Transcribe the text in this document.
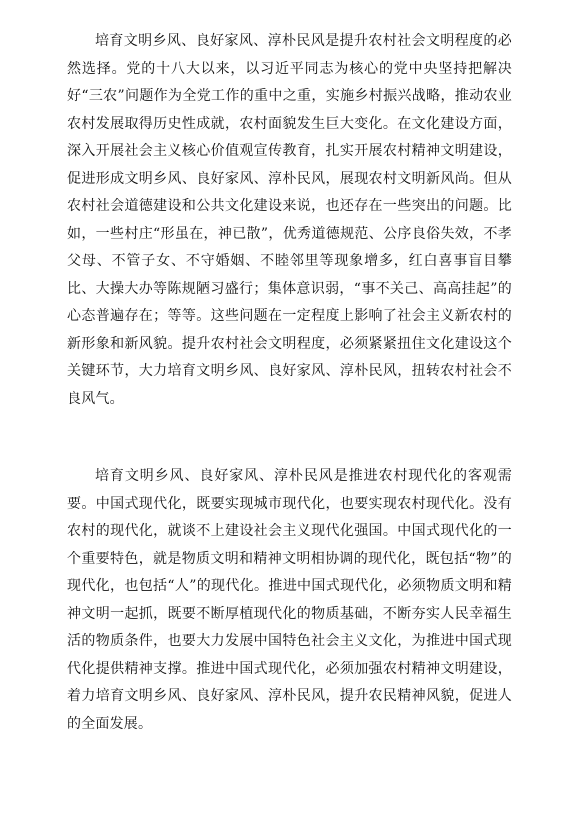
培育文明乡风、良好家风、淳朴民风是提升农村社会文明程度的必然选择。党的十八大以来，以习近平同志为核心的党中央坚持把解决好“三农”问题作为全党工作的重中之重，实施乡村振兴战略，推动农业农村发展取得历史性成就，农村面貌发生巨大变化。在文化建设方面，深入开展社会主义核心价值观宣传教育，扎实开展农村精神文明建设，促进形成文明乡风、良好家风、淳朴民风，展现农村文明新风尚。但从农村社会道德建设和公共文化建设来说，也还存在一些突出的问题。比如，一些村庄“形虽在，神已散”，优秀道德规范、公序良俗失效，不孝父母、不管子女、不守婚姻、不睦邻里等现象增多，红白喜事盲目攀比、大操大办等陈规陋习盛行；集体意识弱，“事不关己、高高挂起”的心态普遍存在；等等。这些问题在一定程度上影响了社会主义新农村的新形象和新风貌。提升农村社会文明程度，必须紧紧扭住文化建设这个关键环节，大力培育文明乡风、良好家风、淳朴民风，扭转农村社会不良风气。

培育文明乡风、良好家风、淳朴民风是推进农村现代化的客观需要。中国式现代化，既要实现城市现代化，也要实现农村现代化。没有农村的现代化，就谈不上建设社会主义现代化强国。中国式现代化的一个重要特色，就是物质文明和精神文明相协调的现代化，既包括“物”的现代化，也包括“人”的现代化。推进中国式现代化，必须物质文明和精神文明一起抓，既要不断厚植现代化的物质基础，不断夯实人民幸福生活的物质条件，也要大力发展中国特色社会主义文化，为推进中国式现代化提供精神支撑。推进中国式现代化，必须加强农村精神文明建设，着力培育文明乡风、良好家风、淳朴民风，提升农民精神风貌，促进人的全面发展。
